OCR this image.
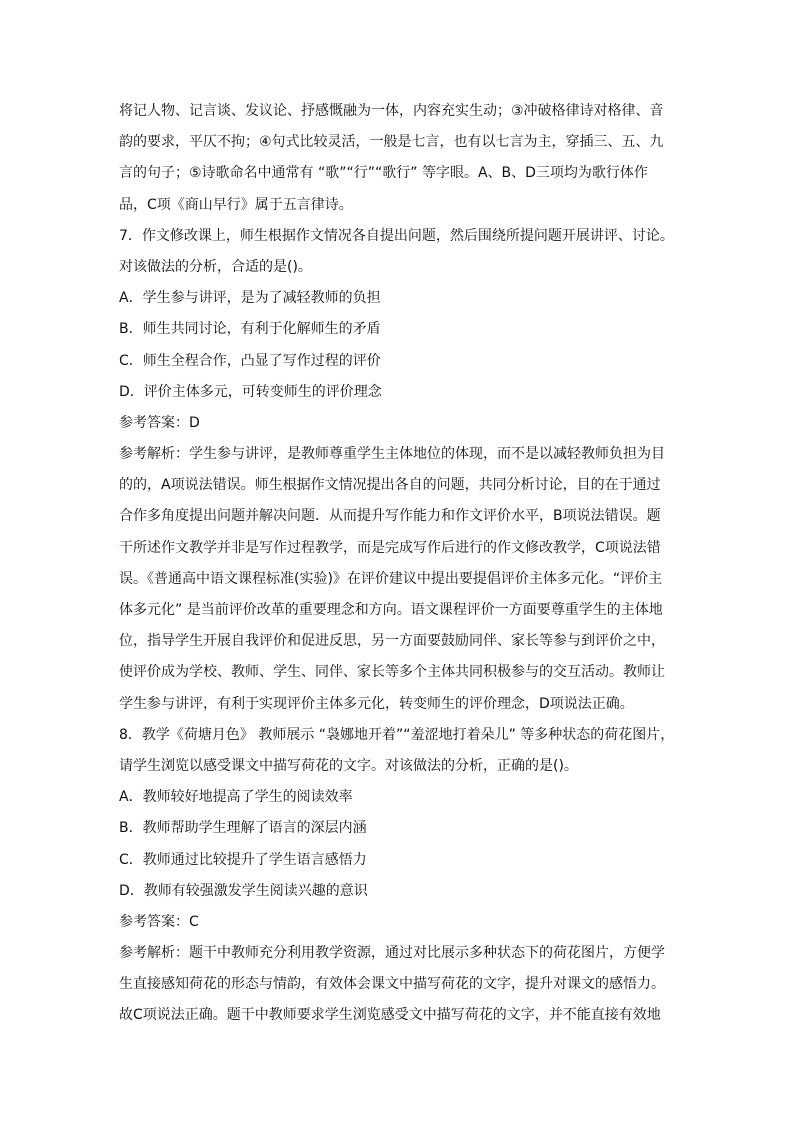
将记人物、记言谈、发议论、抒感慨融为一体，内容充实生动；③冲破格律诗对格律、音
韵的要求，平仄不拘；④句式比较灵活，一般是七言，也有以七言为主，穿插三、五、九
言的句子；⑤诗歌命名中通常有 “歌”“行”“歌行” 等字眼。A、B、D三项均为歌行体作
品，C项《商山早行》属于五言律诗。
7．作文修改课上，师生根据作文情况各自提出问题，然后围绕所提问题开展讲评、讨论。
对该做法的分析，合适的是()。
A．学生参与讲评，是为了减轻教师的负担
B．师生共同讨论，有利于化解师生的矛盾
C．师生全程合作，凸显了写作过程的评价
D．评价主体多元，可转变师生的评价理念
参考答案：D
参考解析：学生参与讲评，是教师尊重学生主体地位的体现，而不是以减轻教师负担为目
的的，A项说法错误。师生根据作文情况提出各自的问题，共同分析讨论，目的在于通过
合作多角度提出问题并解决问题．从而提升写作能力和作文评价水平，B项说法错误。题
干所述作文教学并非是写作过程教学，而是完成写作后进行的作文修改教学，C项说法错
误。《普通高中语文课程标准(实验)》在评价建议中提出要提倡评价主体多元化。“评价主
体多元化” 是当前评价改革的重要理念和方向。语文课程评价一方面要尊重学生的主体地
位，指导学生开展自我评价和促进反思，另一方面要鼓励同伴、家长等参与到评价之中，
使评价成为学校、教师、学生、同伴、家长等多个主体共同积极参与的交互活动。教师让
学生参与讲评，有利于实现评价主体多元化，转变师生的评价理念，D项说法正确。
8．教学《荷塘月色》 教师展示 “袅娜地开着”“羞涩地打着朵儿” 等多种状态的荷花图片，
请学生浏览以感受课文中描写荷花的文字。对该做法的分析，正确的是()。
A．教师较好地提高了学生的阅读效率
B．教师帮助学生理解了语言的深层内涵
C．教师通过比较提升了学生语言感悟力
D．教师有较强激发学生阅读兴趣的意识
参考答案：C
参考解析：题干中教师充分利用教学资源，通过对比展示多种状态下的荷花图片，方便学
生直接感知荷花的形态与情韵，有效体会课文中描写荷花的文字，提升对课文的感悟力。
故C项说法正确。题干中教师要求学生浏览感受文中描写荷花的文字，并不能直接有效地
